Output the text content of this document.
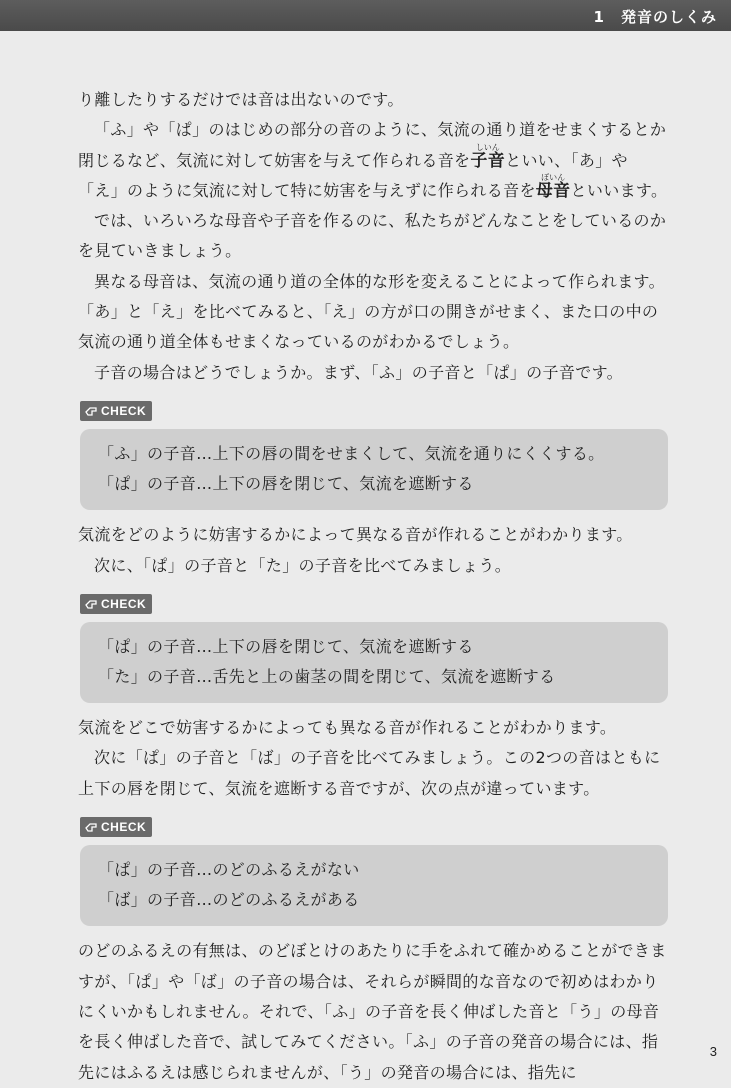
1　発音のしくみ

り離したりするだけでは音は出ないのです。

「ふ」や「ぱ」のはじめの部分の音のように、気流の通り道をせまくするとか閉じるなど、気流に対して妨害を与えて作られる音を子音しいんといい、「あ」や「え」のように気流に対して特に妨害を与えずに作られる音を母音ぼいんといいます。

では、いろいろな母音や子音を作るのに、私たちがどんなことをしているのかを見ていきましょう。

異なる母音は、気流の通り道の全体的な形を変えることによって作られます。「あ」と「え」を比べてみると、「え」の方が口の開きがせまく、また口の中の気流の通り道全体もせまくなっているのがわかるでしょう。

子音の場合はどうでしょうか。まず、「ふ」の子音と「ぱ」の子音です。

CHECK

「ふ」の子音…上下の唇の間をせまくして、気流を通りにくくする。

「ぱ」の子音…上下の唇を閉じて、気流を遮断する

気流をどのように妨害するかによって異なる音が作れることがわかります。

次に、「ぱ」の子音と「た」の子音を比べてみましょう。

CHECK

「ぱ」の子音…上下の唇を閉じて、気流を遮断する

「た」の子音…舌先と上の歯茎の間を閉じて、気流を遮断する

気流をどこで妨害するかによっても異なる音が作れることがわかります。

次に「ぱ」の子音と「ば」の子音を比べてみましょう。この2つの音はともに上下の唇を閉じて、気流を遮断する音ですが、次の点が違っています。

CHECK

「ぱ」の子音…のどのふるえがない

「ば」の子音…のどのふるえがある

のどのふるえの有無は、のどぼとけのあたりに手をふれて確かめることができますが、「ぱ」や「ば」の子音の場合は、それらが瞬間的な音なので初めはわかりにくいかもしれません。それで、「ふ」の子音を長く伸ばした音と「う」の母音を長く伸ばした音で、試してみてください。「ふ」の子音の発音の場合には、指先にはふるえは感じられませんが、「う」の発音の場合には、指先に

3
